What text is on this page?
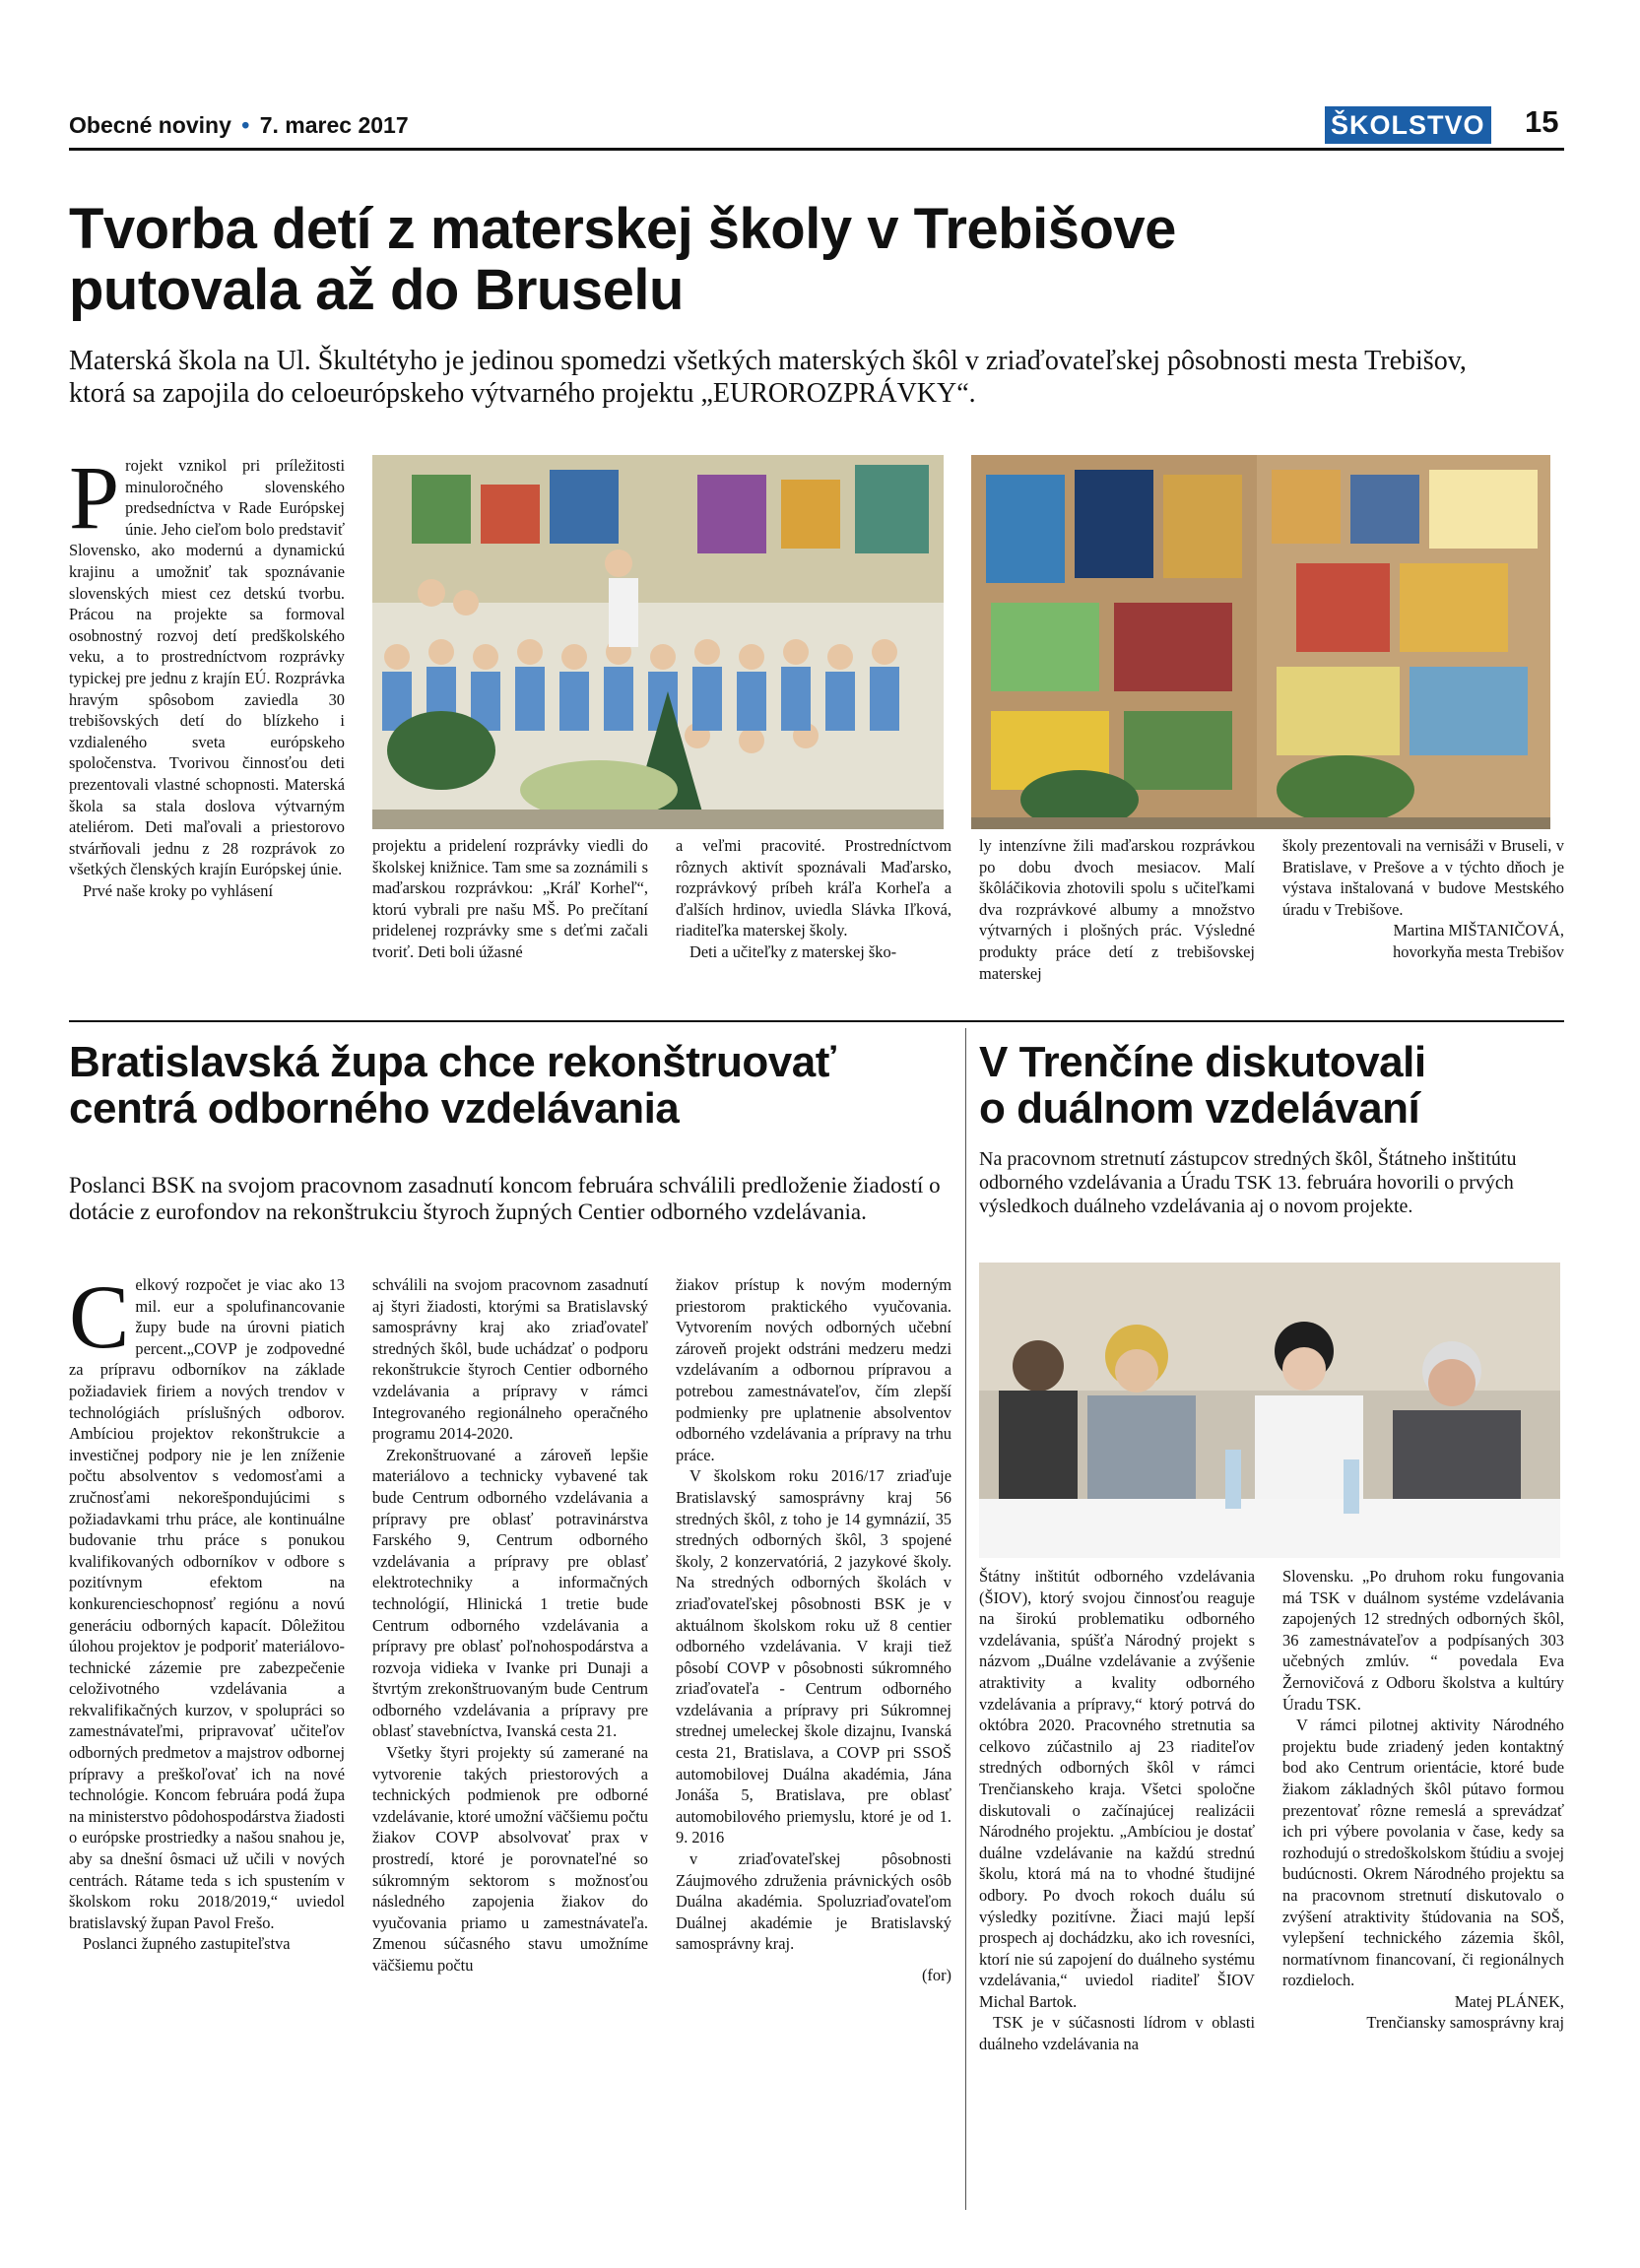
Obecné noviny • 7. marec 2017	ŠKOLSTVO 15
Tvorba detí z materskej školy v Trebišove
putovala až do Bruselu
Materská škola na Ul. Škultétyho je jedinou spomedzi všetkých materských škôl v zriaďovateľskej pôsobnosti mesta Trebišov, ktorá sa zapojila do celoeurópskeho výtvarného projektu „EUROROZPRÁVKY“.
P rojekt vznikol pri príležitosti minuloročného slovenského predsedníctva v Rade Európskej únie. Jeho cieľom bolo predstaviť Slovensko, ako modernú a dynamickú krajinu a umožniť tak spoznávanie slovenských miest cez detskú tvorbu. Prácou na projekte sa formoval osobnostný rozvoj detí predškolského veku, a to prostredníctvom rozprávky typickej pre jednu z krajín EÚ. Rozprávka hravým spôsobom zaviedla 30 trebišovských detí do blízkeho i vzdialeného sveta európskeho spoločenstva. Tvorivou činnosťou deti prezentovali vlastné schopnosti. Materská škola sa stala doslova výtvarným ateliérom. Deti maľovali a priestorovo stvárňovali jednu z 28 rozprávok zo všetkých členských krajín Európskej únie.

Prvé naše kroky po vyhlásení

projektu a pridelení rozprávky viedli do školskej knižnice. Tam sme sa zoznámili s maďarskou rozprávkou: „Kráľ Korheľ“, ktorú vybrali pre našu MŠ. Po prečítaní pridelenej rozprávky sme s deťmi začali tvoriť. Deti boli úžasné

a veľmi pracovité. Prostredníctvom rôznych aktivít spoznávali Maďarsko, rozprávkový príbeh kráľa Korheľa a ďalších hrdinov, uviedla Slávka Iľková, riaditeľka materskej školy.

Deti a učiteľky z materskej ško-

ly intenzívne žili maďarskou rozprávkou po dobu dvoch mesiacov. Malí škôláčikovia zhotovili spolu s učiteľkami dva rozprávkové albumy a množstvo výtvarných i plošných prác. Výsledné produkty práce detí z trebišovskej materskej

školy prezentovali na vernisáži v Bruseli, v Bratislave, v Prešove a v týchto dňoch je výstava inštalovaná v budove Mestského úradu v Trebišove.

Martina MIŠTANIČOVÁ,

hovorkyňa mesta Trebišov

Bratislavská župa chce rekonštruovať
centrá odborného vzdelávania
Poslanci BSK na svojom pracovnom zasadnutí koncom februára schválili predloženie žiadostí o dotácie z eurofondov na rekonštrukciu štyroch župných Centier odborného vzdelávania.
C elkový rozpočet je viac ako 13 mil. eur a spolufinancovanie župy bude na úrovni piatich percent.„COVP je zodpovedné za prípravu odborníkov na základe požiadaviek firiem a nových trendov v technológiách príslušných odborov. Ambíciou projektov rekonštrukcie a investičnej podpory nie je len zníženie počtu absolventov s vedomosťami a zručnosťami nekorešpondujúcimi s požiadavkami trhu práce, ale kontinuálne budovanie trhu práce s ponukou kvalifikovaných odborníkov v odbore s pozitívnym efektom na konkurencieschopnosť regiónu a novú generáciu odborných kapacít. Dôležitou úlohou projektov je podporiť materiálovo-technické zázemie pre zabezpečenie celoživotného vzdelávania a rekvalifikačných kurzov, v spolupráci so zamestnávateľmi, pripravovať učiteľov odborných predmetov a majstrov odbornej prípravy a preškoľovať ich na nové technológie. Koncom februára podá župa na ministerstvo pôdohospodárstva žiadosti o európske prostriedky a našou snahou je, aby sa dnešní ôsmaci už učili v nových centrách. Rátame teda s ich spustením v školskom roku 2018/2019,“ uviedol bratislavský župan Pavol Frešo.

Poslanci župného zastupiteľstva

schválili na svojom pracovnom zasadnutí aj štyri žiadosti, ktorými sa Bratislavský samosprávny kraj ako zriaďovateľ stredných škôl, bude uchádzať o podporu rekonštrukcie štyroch Centier odborného vzdelávania a prípravy v rámci Integrovaného regionálneho operačného programu 2014-2020.

Zrekonštruované a zároveň lepšie materiálovo a technicky vybavené tak bude Centrum odborného vzdelávania a prípravy pre oblasť potravinárstva Farského 9, Centrum odborného vzdelávania a prípravy pre oblasť elektrotechniky a informačných technológií, Hlinická 1 tretie bude Centrum odborného vzdelávania a prípravy pre oblasť poľnohospodárstva a rozvoja vidieka v Ivanke pri Dunaji a štvrtým zrekonštruovaným bude Centrum odborného vzdelávania a prípravy pre oblasť stavebníctva, Ivanská cesta 21.

Všetky štyri projekty sú zamerané na vytvorenie takých priestorových a technických podmienok pre odborné vzdelávanie, ktoré umožní väčšiemu počtu žiakov COVP absolvovať prax v prostredí, ktoré je porovnateľné so súkromným sektorom s možnosťou následného zapojenia žiakov do vyučovania priamo u zamestnávateľa. Zmenou súčasného stavu umožníme väčšiemu počtu

žiakov prístup k novým moderným priestorom praktického vyučovania. Vytvorením nových odborných učební zároveň projekt odstráni medzeru medzi vzdelávaním a odbornou prípravou a potrebou zamestnávateľov, čím zlepší podmienky pre uplatnenie absolventov odborného vzdelávania a prípravy na trhu práce.

V školskom roku 2016/17 zriaďuje Bratislavský samosprávny kraj 56 stredných škôl, z toho je 14 gymnázií, 35 stredných odborných škôl, 3 spojené školy, 2 konzervatóriá, 2 jazykové školy. Na stredných odborných školách v zriaďovateľskej pôsobnosti BSK je v aktuálnom školskom roku už 8 centier odborného vzdelávania. V kraji tiež pôsobí COVP v pôsobnosti súkromného zriaďovateľa - Centrum odborného vzdelávania a prípravy pri Súkromnej strednej umeleckej škole dizajnu, Ivanská cesta 21, Bratislava, a COVP pri SSOŠ automobilovej Duálna akadémia, Jána Jonáša 5, Bratislava, pre oblasť automobilového priemyslu, ktoré je od 1. 9. 2016

v zriaďovateľskej pôsobnosti Záujmového združenia právnických osôb Duálna akadémia. Spoluzriaďovateľom Duálnej akadémie je Bratislavský samosprávny kraj.

(for)

V Trenčíne diskutovali
o duálnom vzdelávaní
Na pracovnom stretnutí zástupcov stredných škôl, Štátneho inštitútu odborného vzdelávania a Úradu TSK 13. februára hovorili o prvých výsledkoch duálneho vzdelávania aj o novom projekte.

Štátny inštitút odborného vzdelávania (ŠIOV), ktorý svojou činnosťou reaguje na širokú problematiku odborného vzdelávania, spúšťa Národný projekt s názvom „Duálne vzdelávanie a zvýšenie atraktivity a kvality odborného vzdelávania a prípravy,“ ktorý potrvá do októbra 2020. Pracovného stretnutia sa celkovo zúčastnilo aj 23 riaditeľov stredných odborných škôl v rámci Trenčianskeho kraja. Všetci spoločne diskutovali o začínajúcej realizácii Národného projektu. „Ambíciou je dostať duálne vzdelávanie na každú strednú školu, ktorá má na to vhodné študijné odbory. Po dvoch rokoch duálu sú výsledky pozitívne. Žiaci majú lepší prospech aj dochádzku, ako ich rovesníci, ktorí nie sú zapojení do duálneho systému vzdelávania,“ uviedol riaditeľ ŠIOV Michal Bartok.

TSK je v súčasnosti lídrom v oblasti duálneho vzdelávania na

Slovensku. „Po druhom roku fungovania má TSK v duálnom systéme vzdelávania zapojených 12 stredných odborných škôl, 36 zamestnávateľov a podpísaných 303 učebných zmlúv. “ povedala Eva Žernovičová z Odboru školstva a kultúry Úradu TSK.

V rámci pilotnej aktivity Národného projektu bude zriadený jeden kontaktný bod ako Centrum orientácie, ktoré bude žiakom základných škôl pútavo formou prezentovať rôzne remeslá a sprevádzať ich pri výbere povolania v čase, kedy sa rozhodujú o stredoškolskom štúdiu a svojej budúcnosti. Okrem Národného projektu sa na pracovnom stretnutí diskutovalo o zvýšení atraktivity štúdovania na SOŠ, vylepšení technického zázemia škôl, normatívnom financovaní, či regionálnych rozdieloch.

Matej PLÁNEK,

Trenčiansky samosprávny kraj
